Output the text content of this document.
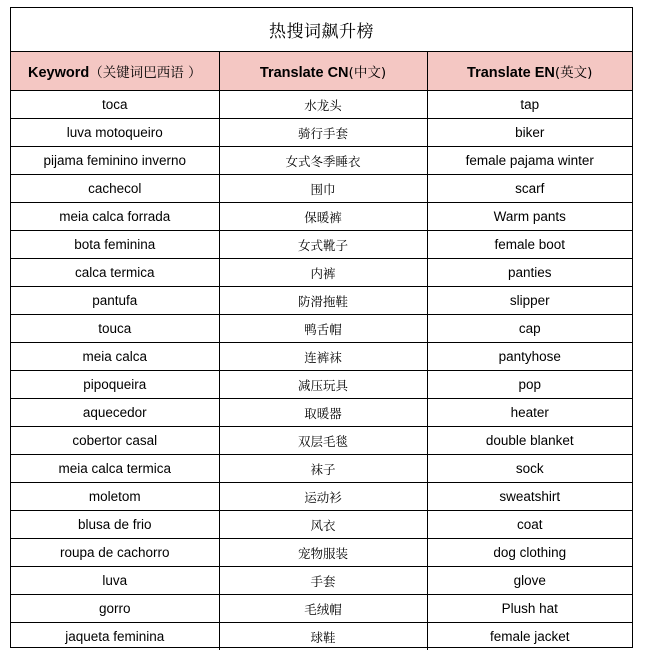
热搜词飙升榜
Keyword（关键词巴西语 ）	Translate CN(中文)	Translate EN(英文)
toca	水龙头	tap
luva motoqueiro	骑行手套	biker
pijama feminino inverno	女式冬季睡衣	female pajama winter
cachecol	围巾	scarf
meia calca forrada	保暖裤	Warm pants
bota feminina	女式靴子	female boot
calca termica	内裤	panties
pantufa	防滑拖鞋	slipper
touca	鸭舌帽	cap
meia calca	连裤袜	pantyhose
pipoqueira	减压玩具	pop
aquecedor	取暖器	heater
cobertor casal	双层毛毯	double blanket
meia calca termica	袜子	sock
moletom	运动衫	sweatshirt
blusa de frio	风衣	coat
roupa de cachorro	宠物服装	dog clothing
luva	手套	glove
gorro	毛绒帽	Plush hat
jaqueta feminina	球鞋	female jacket
